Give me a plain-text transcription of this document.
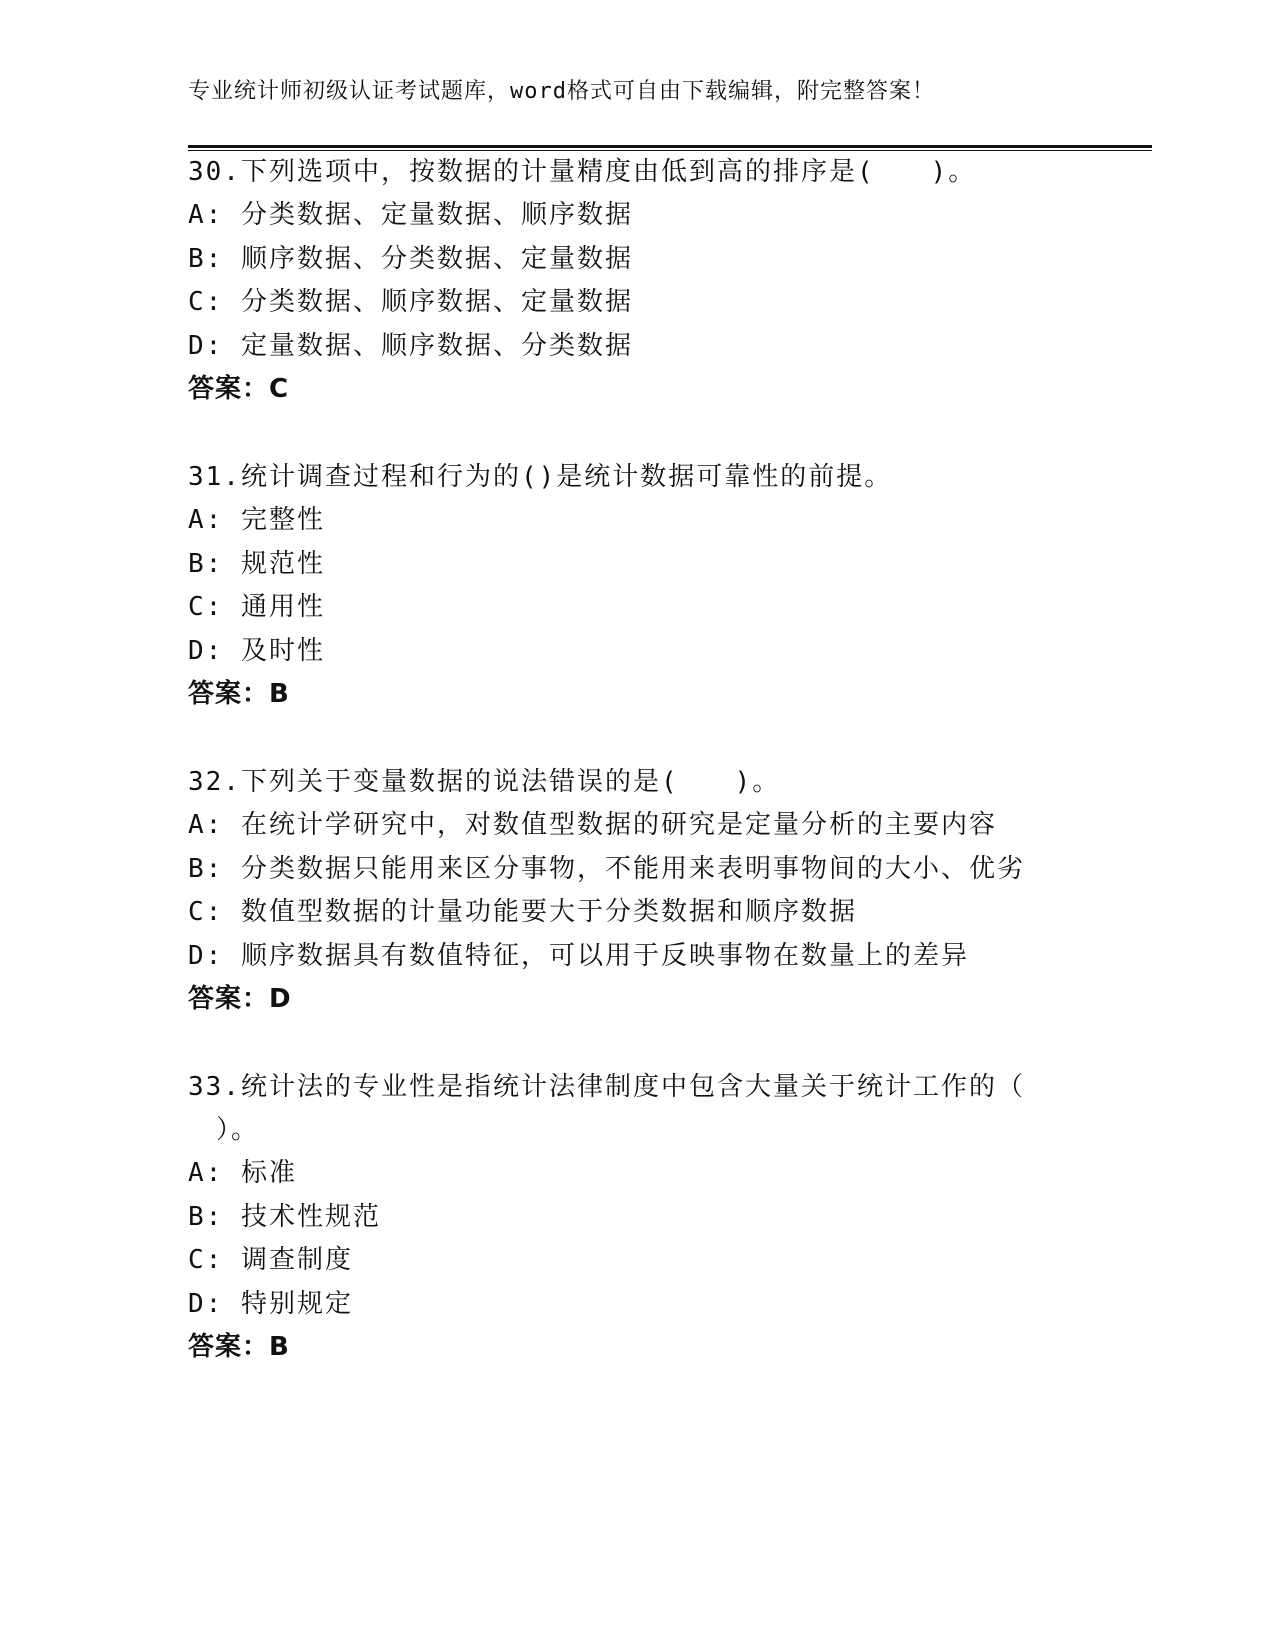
专业统计师初级认证考试题库，word格式可自由下载编辑，附完整答案！
30.下列选项中，按数据的计量精度由低到高的排序是(　　)。
A: 分类数据、定量数据、顺序数据
B: 顺序数据、分类数据、定量数据
C: 分类数据、顺序数据、定量数据
D: 定量数据、顺序数据、分类数据
答案：C
31.统计调查过程和行为的()是统计数据可靠性的前提。
A: 完整性
B: 规范性
C: 通用性
D: 及时性
答案：B
32.下列关于变量数据的说法错误的是(　　)。
A: 在统计学研究中，对数值型数据的研究是定量分析的主要内容
B: 分类数据只能用来区分事物，不能用来表明事物间的大小、优劣
C: 数值型数据的计量功能要大于分类数据和顺序数据
D: 顺序数据具有数值特征，可以用于反映事物在数量上的差异
答案：D
33.统计法的专业性是指统计法律制度中包含大量关于统计工作的（
　）。
A: 标准
B: 技术性规范
C: 调查制度
D: 特别规定
答案：B
